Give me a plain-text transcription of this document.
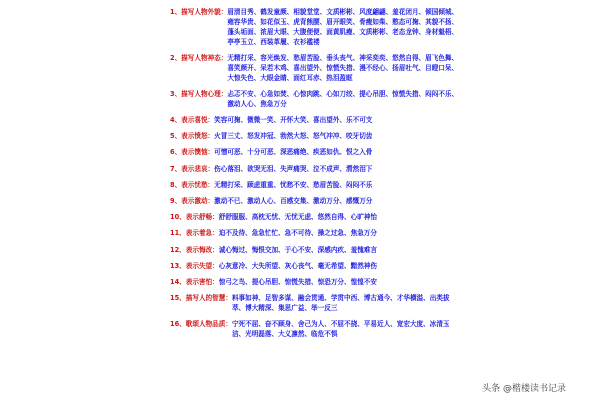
1、描写人物外貌： 眉清目秀、鹤发童颜、相貌堂堂、文质彬彬、风度翩翩、羞花闭月、倾国倾城、雍容华贵、如花似玉、虎背熊腰、眉开眼笑、骨瘦如柴、憨态可掬、其貌不扬、蓬头垢面、浓眉大眼、大腹便便、面黄肌瘦、文质彬彬、老态龙钟、身材魁梧、亭亭玉立、西装革履、衣衫褴褛
2、描写人物神态： 无精打采、容光焕发、愁眉苦脸、垂头丧气、神采奕奕、悠然自得、眉飞色舞、喜笑颜开、呆若木鸡、喜出望外、惊慌失措、漫不经心、扬眉吐气、目瞪口呆、大惊失色、大眼金睛、面红耳赤、热泪盈眶
3、描写人物心理： 忐忑不安、心急如焚、心惊肉跳、心如刀绞、提心吊胆、惊慌失措、闷闷不乐、激动人心、焦急万分
4、表示喜悦： 笑容可掬、微微一笑、开怀大笑、喜出望外、乐不可支
5、表示愤怒： 火冒三丈、怒发冲冠、勃然大怒、怒气冲冲、咬牙切齿
6、表示懊恼： 可憎可恶、十分可恶、深恶痛绝、疾恶如仇、恨之入骨
7、表示悲哀： 伤心落泪、欲哭无泪、失声痛哭、泣不成声、潸然泪下
8、表示忧愁： 无精打采、顾虑重重、忧愁不安、愁眉苦脸、闷闷不乐
9、表示激动： 激动不已、激动人心、百感交集、激动万分、感慨万分
10、表示舒畅： 舒舒服服、高枕无忧、无忧无虑、悠然自得、心旷神怡
11、表示着急： 迫不及待、急急忙忙、急不可待、操之过急、焦急万分
12、表示悔改： 诚心悔过、悔恨交加、于心不安、深感内疚、羞愧难言
13、表示失望： 心灰意冷、大失所望、灰心丧气、毫无希望、黯然神伤
14、表示害怕： 惊弓之鸟、提心吊胆、惊慌失措、惊恐万分、惶惶不安
15、描写人的智慧： 料事如神、足智多谋、融会贯通、学贯中西、博古通今、才华横溢、出类拔萃、博大精深、集思广益、举一反三
16、歌颂人物品质： 宁死不屈、奋不顾身、舍己为人、不屈不挠、平易近人、宽宏大度、冰清玉洁、光明磊落、大义凛然、临危不惧
头条 @楷楼读书记录
